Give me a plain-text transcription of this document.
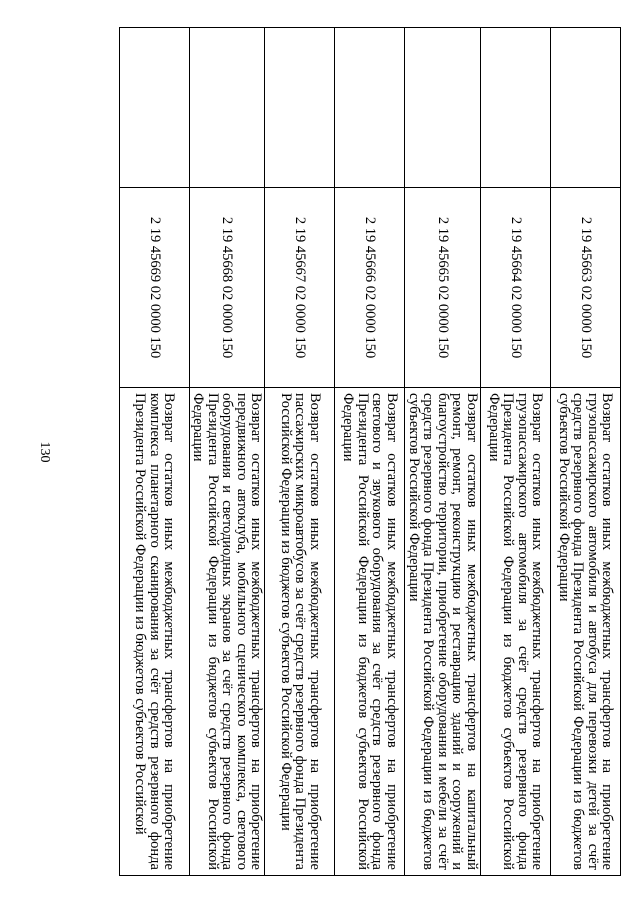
130
	2 19 45663 02 0000 150	Возврат остатков иных межбюджетных трансфертов на приобретение грузопассажирского автомобиля и автобуса для перевозки детей за счёт средств резервного фонда Президента Российской Федерации из бюджетов субъектов Российской Федерации
	2 19 45664 02 0000 150	Возврат остатков иных межбюджетных трансфертов на приобретение грузопассажирского автомобиля за счёт средств резервного фонда Президента Российской Федерации из бюджетов субъектов Российской Федерации
	2 19 45665 02 0000 150	Возврат остатков иных межбюджетных трансфертов на капитальный ремонт, ремонт, реконструкцию и реставрацию зданий и сооружений и благоустройство территории, приобретение оборудования и мебели за счёт средств резервного фонда Президента Российской Федерации из бюджетов субъектов Российской Федерации
	2 19 45666 02 0000 150	Возврат остатков иных межбюджетных трансфертов на приобретение светового и звукового оборудования за счёт средств резервного фонда Президента Российской Федерации из бюджетов субъектов Российской Федерации
	2 19 45667 02 0000 150	Возврат остатков иных межбюджетных трансфертов на приобретение пассажирских микроавтобусов за счёт средств резервного фонда Президента Российской Федерации из бюджетов субъектов Российской Федерации
	2 19 45668 02 0000 150	Возврат остатков иных межбюджетных трансфертов на приобретение передвижного автоклуба, мобильного сценического комплекса, светового оборудования и светодиодных экранов за счёт средств резервного фонда Президента Российской Федерации из бюджетов субъектов Российской Федерации
	2 19 45669 02 0000 150	Возврат остатков иных межбюджетных трансфертов на приобретение комплекса планетарного сканирования за счёт средств резервного фонда Президента Российской Федерации из бюджетов субъектов Российской
